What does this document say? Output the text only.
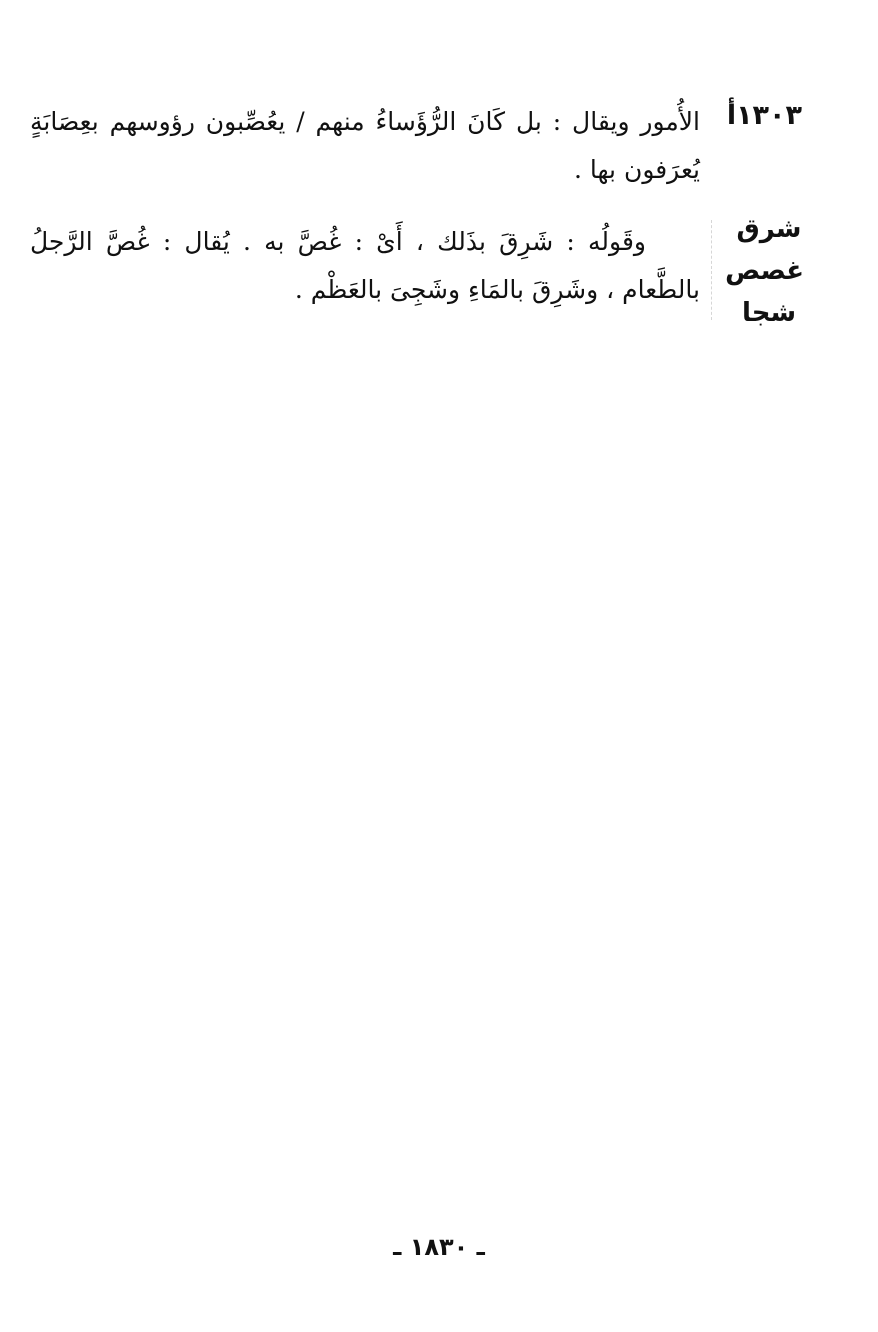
١٣٠٣أ
الأُمور ويقال : بل كَانَ الرُّؤَساءُ منهم / يعُصِّبون رؤوسهم بعِصَابَةٍ يُعرَفون بها .
شرق
غصص
شجا
وقَولُه : شَرِقَ بذَلك ، أَىْ : غُصَّ به . يُقال : غُصَّ الرَّجلُ بالطَّعام ، وشَرِقَ بالمَاءِ وشَجِىَ بالعَظْم .
ـ ١٨٣٠ ـ
